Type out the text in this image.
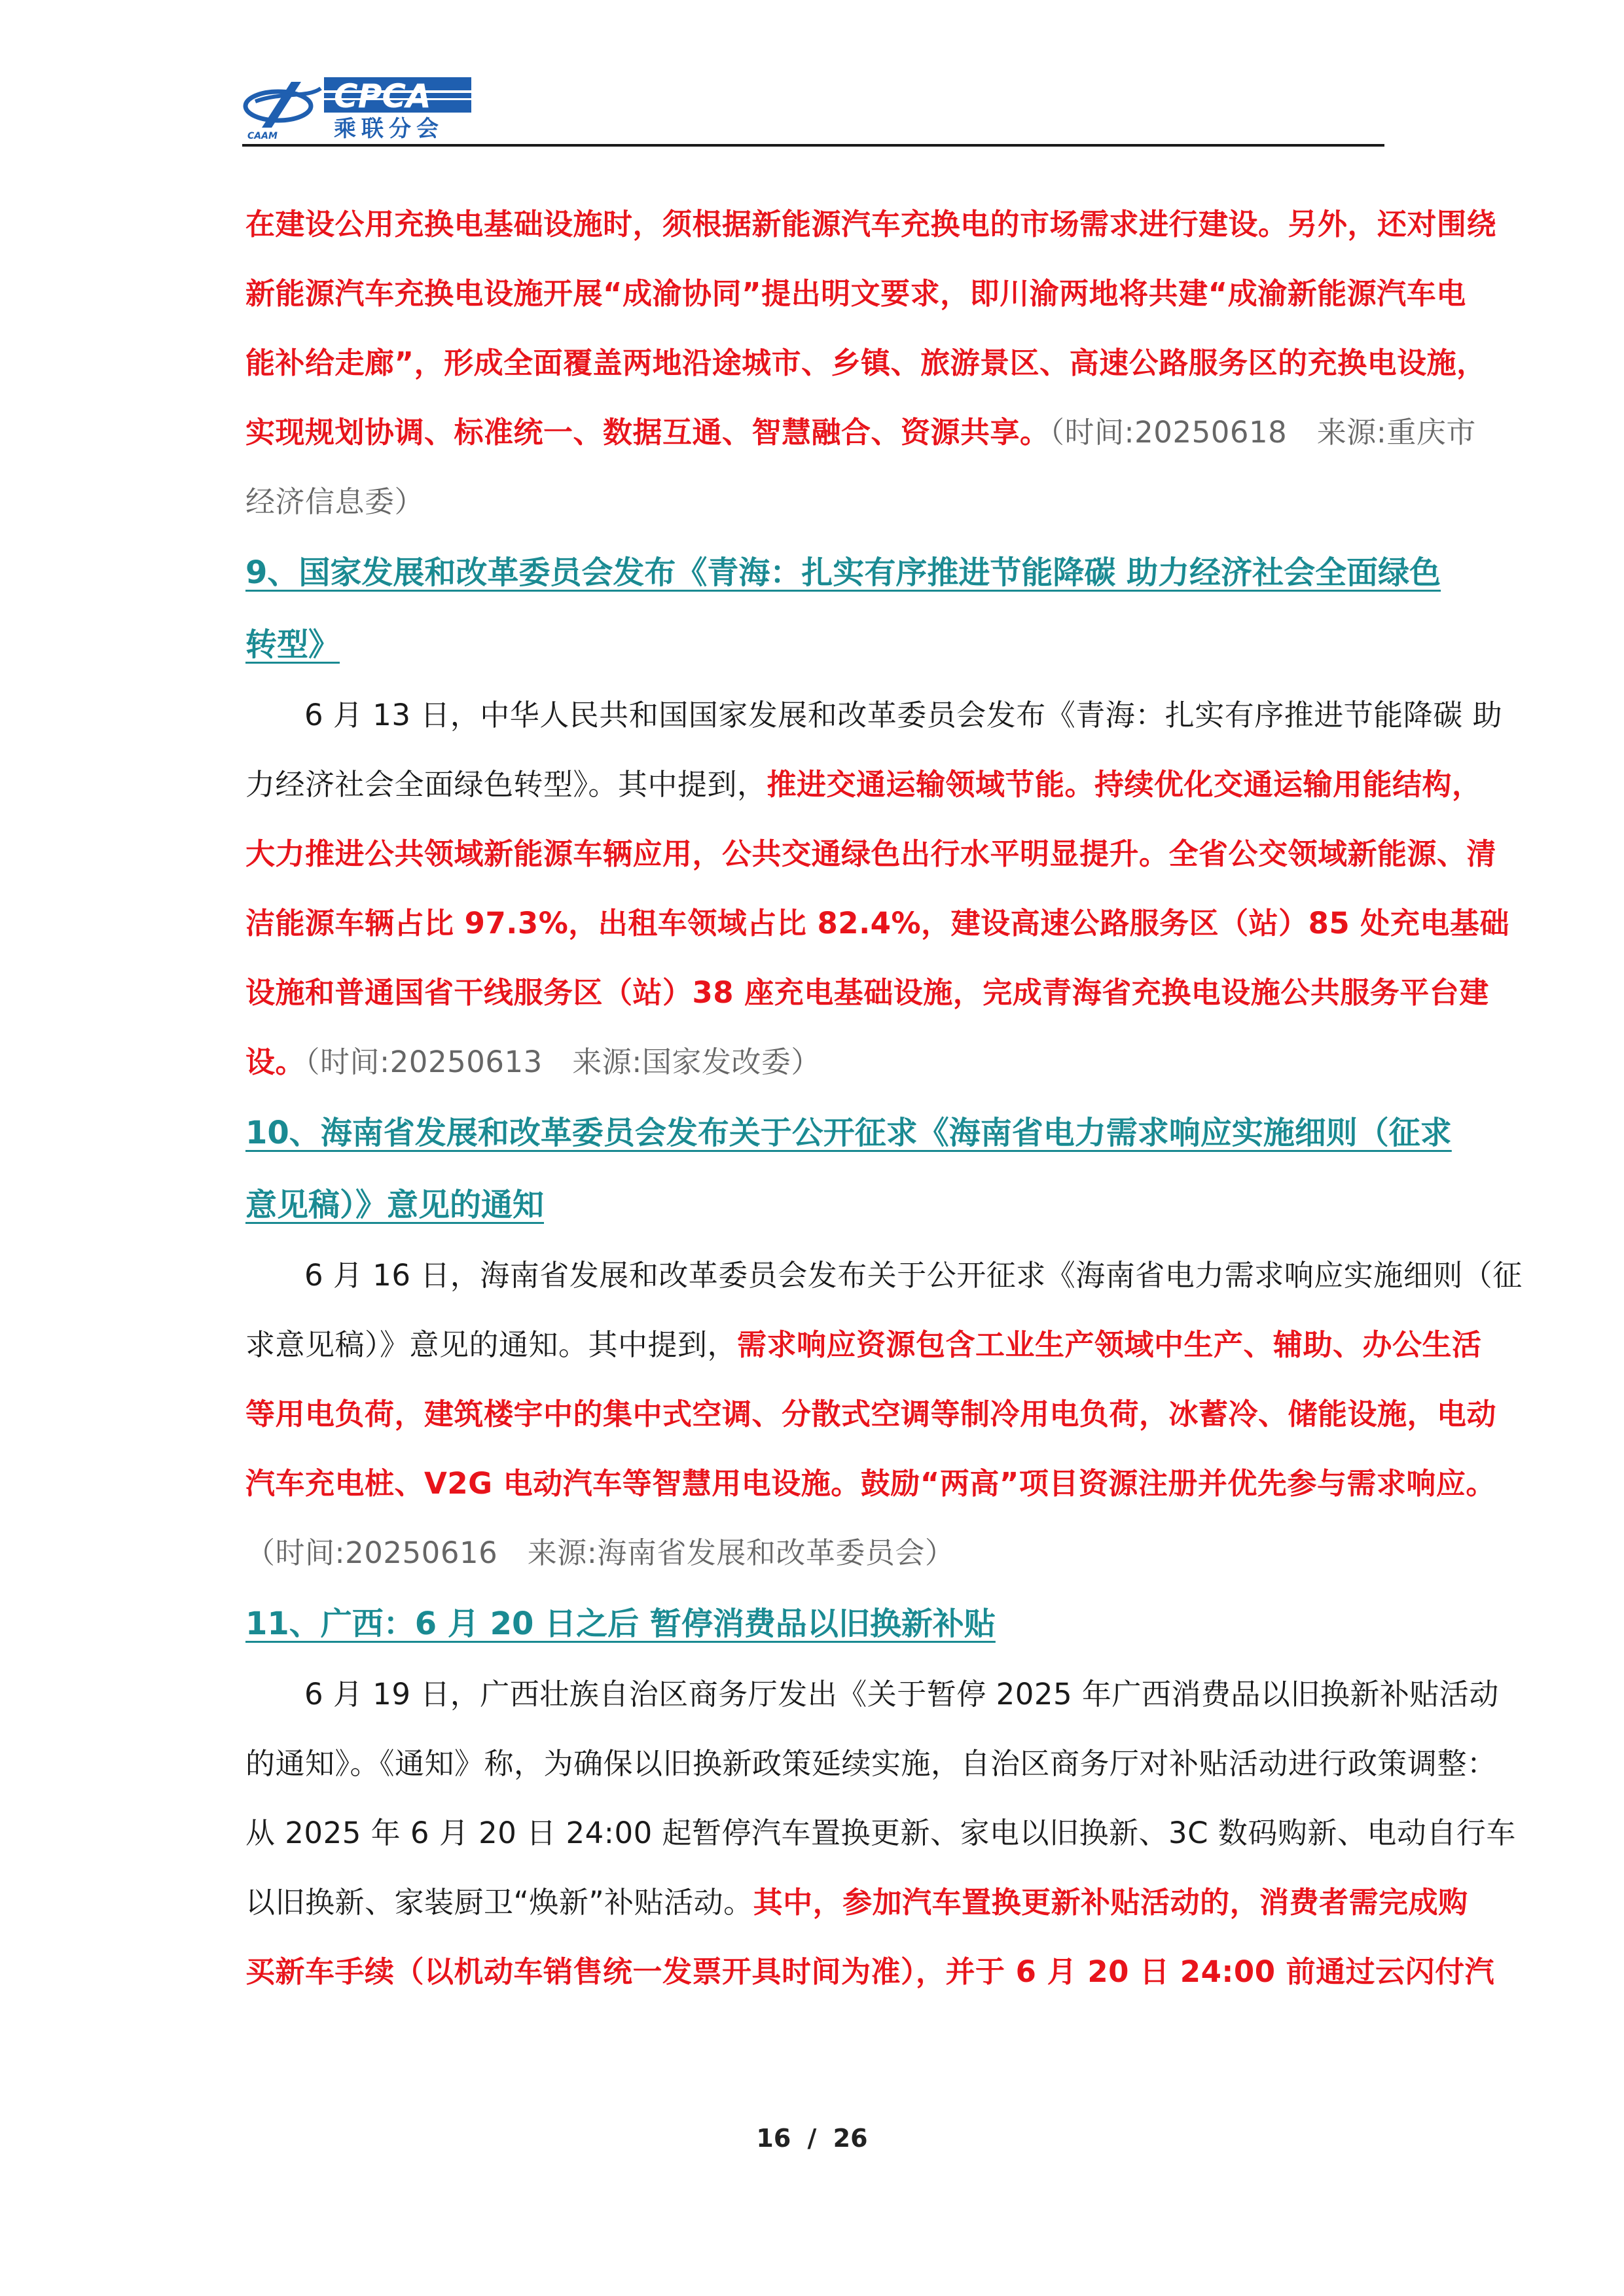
CAAM
CPCA
乘联分会
在建设公用充换电基础设施时，须根据新能源汽车充换电的市场需求进行建设。另外，还对围绕
新能源汽车充换电设施开展“成渝协同”提出明文要求，即川渝两地将共建“成渝新能源汽车电
能补给走廊”，形成全面覆盖两地沿途城市、乡镇、旅游景区、高速公路服务区的充换电设施，
实现规划协调、标准统一、数据互通、智慧融合、资源共享。（时间:20250618　来源:重庆市
经济信息委）
9、国家发展和改革委员会发布《青海：扎实有序推进节能降碳 助力经济社会全面绿色
转型》
6 月 13 日，中华人民共和国国家发展和改革委员会发布《青海：扎实有序推进节能降碳 助
力经济社会全面绿色转型》。其中提到，推进交通运输领域节能。持续优化交通运输用能结构，
大力推进公共领域新能源车辆应用，公共交通绿色出行水平明显提升。全省公交领域新能源、清
洁能源车辆占比 97.3%，出租车领域占比 82.4%，建设高速公路服务区（站）85 处充电基础
设施和普通国省干线服务区（站）38 座充电基础设施，完成青海省充换电设施公共服务平台建
设。（时间:20250613　来源:国家发改委）
10、海南省发展和改革委员会发布关于公开征求《海南省电力需求响应实施细则（征求
意见稿）》意见的通知
6 月 16 日，海南省发展和改革委员会发布关于公开征求《海南省电力需求响应实施细则（征
求意见稿）》意见的通知。其中提到，需求响应资源包含工业生产领域中生产、辅助、办公生活
等用电负荷，建筑楼宇中的集中式空调、分散式空调等制冷用电负荷，冰蓄冷、储能设施，电动
汽车充电桩、V2G 电动汽车等智慧用电设施。鼓励“两高”项目资源注册并优先参与需求响应。
（时间:20250616　来源:海南省发展和改革委员会）
11、广西：6 月 20 日之后 暂停消费品以旧换新补贴
6 月 19 日，广西壮族自治区商务厅发出《关于暂停 2025 年广西消费品以旧换新补贴活动
的通知》。《通知》称，为确保以旧换新政策延续实施，自治区商务厅对补贴活动进行政策调整：
从 2025 年 6 月 20 日 24:00 起暂停汽车置换更新、家电以旧换新、3C 数码购新、电动自行车
以旧换新、家装厨卫“焕新”补贴活动。其中，参加汽车置换更新补贴活动的，消费者需完成购
买新车手续（以机动车销售统一发票开具时间为准），并于 6 月 20 日 24:00 前通过云闪付汽
16 / 26
